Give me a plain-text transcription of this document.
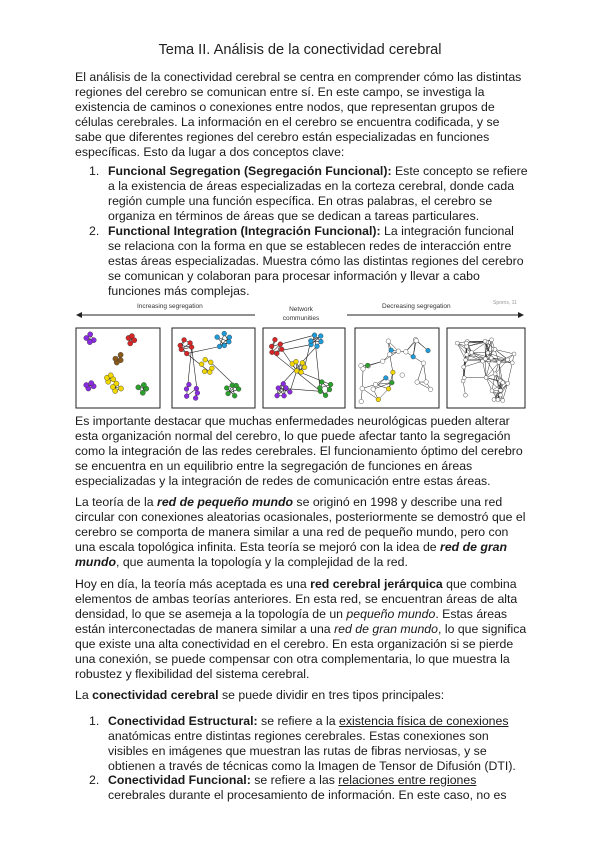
Tema II. Análisis de la conectividad cerebral

El análisis de la conectividad cerebral se centra en comprender cómo las distintas regiones del cerebro se comunican entre sí. En este campo, se investiga la existencia de caminos o conexiones entre nodos, que representan grupos de células cerebrales. La información en el cerebro se encuentra codificada, y se sabe que diferentes regiones del cerebro están especializadas en funciones específicas. Esto da lugar a dos conceptos clave:

1. Funcional Segregation (Segregación Funcional): Este concepto se refiere a la existencia de áreas especializadas en la corteza cerebral, donde cada región cumple una función específica. En otras palabras, el cerebro se organiza en términos de áreas que se dedican a tareas particulares.
2. Functional Integration (Integración Funcional): La integración funcional se relaciona con la forma en que se establecen redes de interacción entre estas áreas especializadas. Muestra cómo las distintas regiones del cerebro se comunican y colaboran para procesar información y llevar a cabo funciones más complejas.
Increasing segregation	Network
communities
Decreasing segregation	Sporns, 11

Es importante destacar que muchas enfermedades neurológicas pueden alterar esta organización normal del cerebro, lo que puede afectar tanto la segregación como la integración de las redes cerebrales. El funcionamiento óptimo del cerebro se encuentra en un equilibrio entre la segregación de funciones en áreas especializadas y la integración de redes de comunicación entre estas áreas.

La teoría de la red de pequeño mundo se originó en 1998 y describe una red circular con conexiones aleatorias ocasionales, posteriormente se demostró que el cerebro se comporta de manera similar a una red de pequeño mundo, pero con una escala topológica infinita. Esta teoría se mejoró con la idea de red de gran mundo, que aumenta la topología y la complejidad de la red.

Hoy en día, la teoría más aceptada es una red cerebral jerárquica que combina elementos de ambas teorías anteriores. En esta red, se encuentran áreas de alta densidad, lo que se asemeja a la topología de un pequeño mundo. Estas áreas están interconectadas de manera similar a una red de gran mundo, lo que significa que existe una alta conectividad en el cerebro. En esta organización si se pierde una conexión, se puede compensar con otra complementaria, lo que muestra la robustez y flexibilidad del sistema cerebral.

La conectividad cerebral se puede dividir en tres tipos principales:

1. Conectividad Estructural: se refiere a la existencia física de conexiones anatómicas entre distintas regiones cerebrales. Estas conexiones son visibles en imágenes que muestran las rutas de fibras nerviosas, y se obtienen a través de técnicas como la Imagen de Tensor de Difusión (DTI).
2. Conectividad Funcional: se refiere a las relaciones entre regiones cerebrales durante el procesamiento de información. En este caso, no es
